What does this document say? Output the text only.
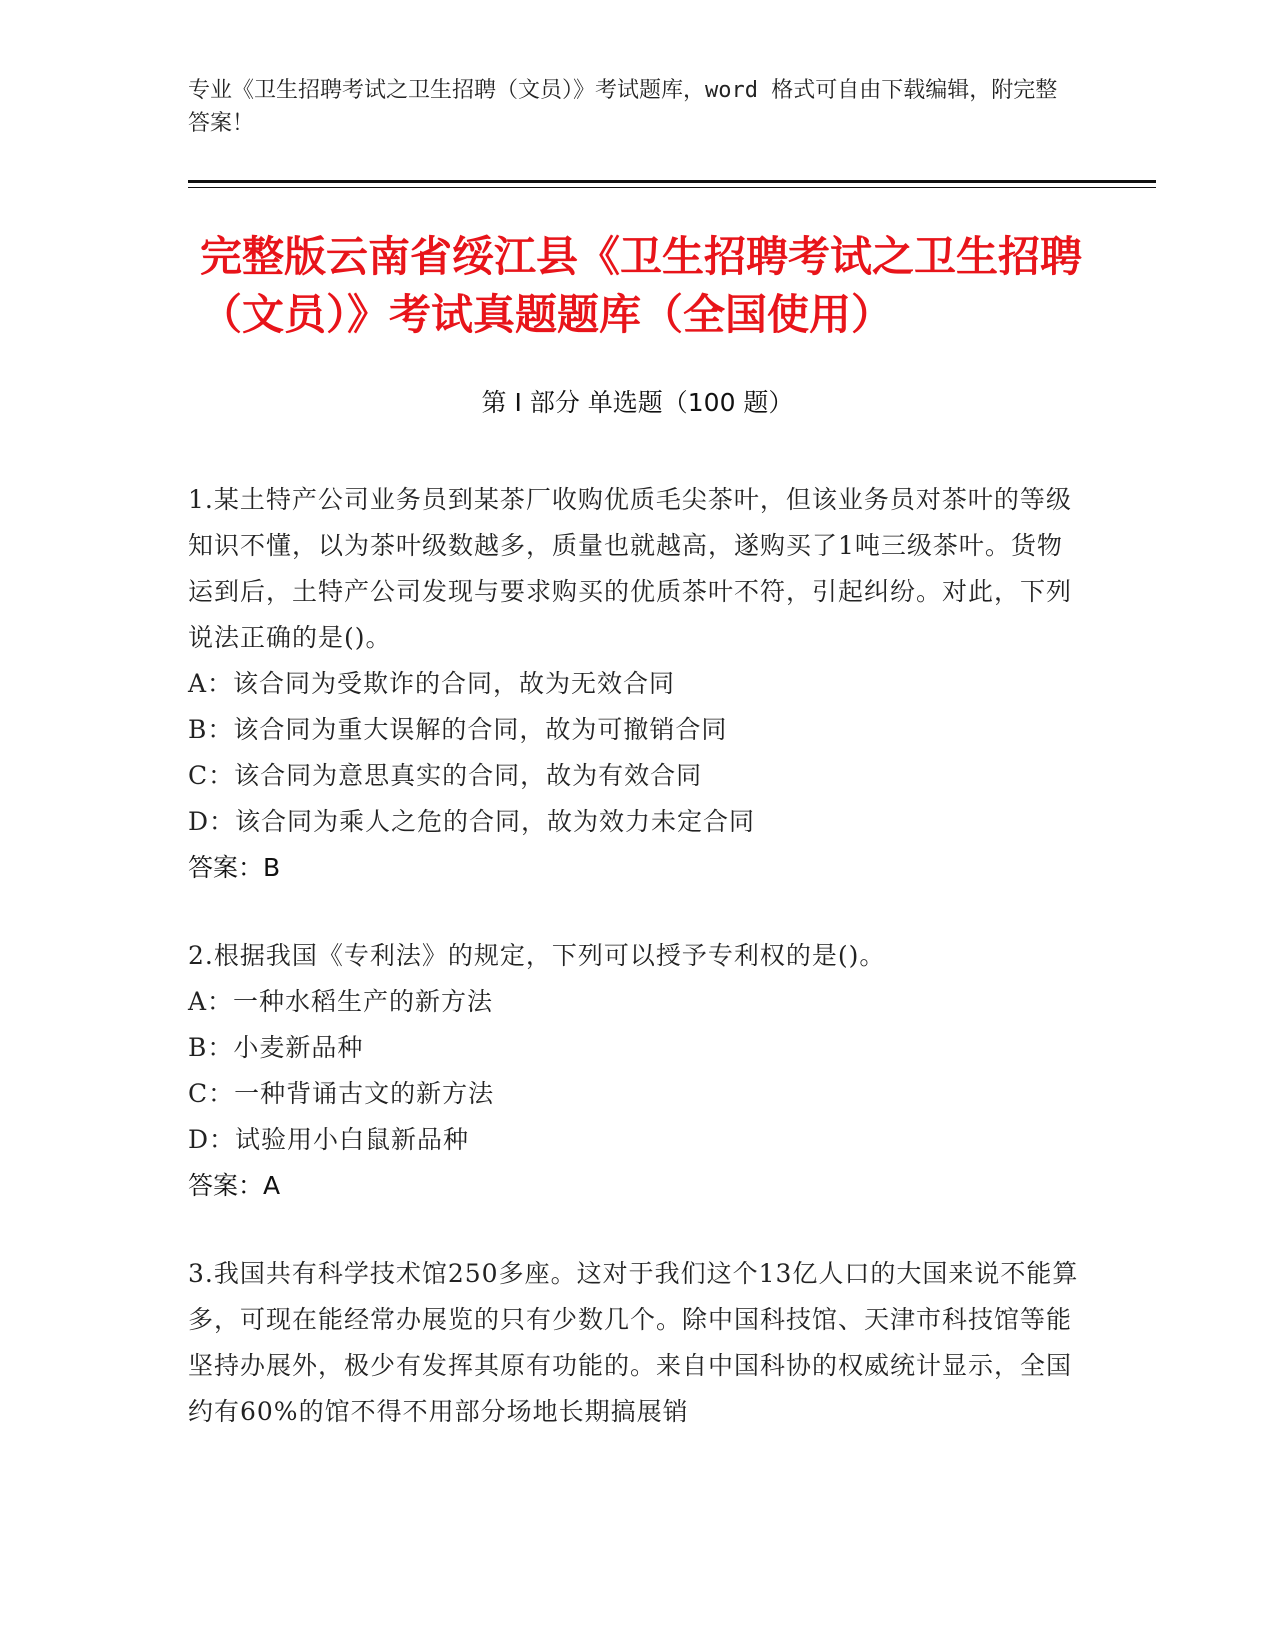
专业《卫生招聘考试之卫生招聘（文员）》考试题库，word 格式可自由下载编辑，附完整答案！
完整版云南省绥江县《卫生招聘考试之卫生招聘（文员）》考试真题题库（全国使用）
第 I 部分 单选题（100 题）
1.某土特产公司业务员到某茶厂收购优质毛尖茶叶，但该业务员对茶叶的等级知识不懂，以为茶叶级数越多，质量也就越高，遂购买了1吨三级茶叶。货物运到后，土特产公司发现与要求购买的优质茶叶不符，引起纠纷。对此，下列说法正确的是()。
A：该合同为受欺诈的合同，故为无效合同
B：该合同为重大误解的合同，故为可撤销合同
C：该合同为意思真实的合同，故为有效合同
D：该合同为乘人之危的合同，故为效力未定合同
答案：B
2.根据我国《专利法》的规定，下列可以授予专利权的是()。
A：一种水稻生产的新方法
B：小麦新品种
C：一种背诵古文的新方法
D：试验用小白鼠新品种
答案：A
3.我国共有科学技术馆250多座。这对于我们这个13亿人口的大国来说不能算多，可现在能经常办展览的只有少数几个。除中国科技馆、天津市科技馆等能坚持办展外，极少有发挥其原有功能的。来自中国科协的权威统计显示，全国约有60%的馆不得不用部分场地长期搞展销
